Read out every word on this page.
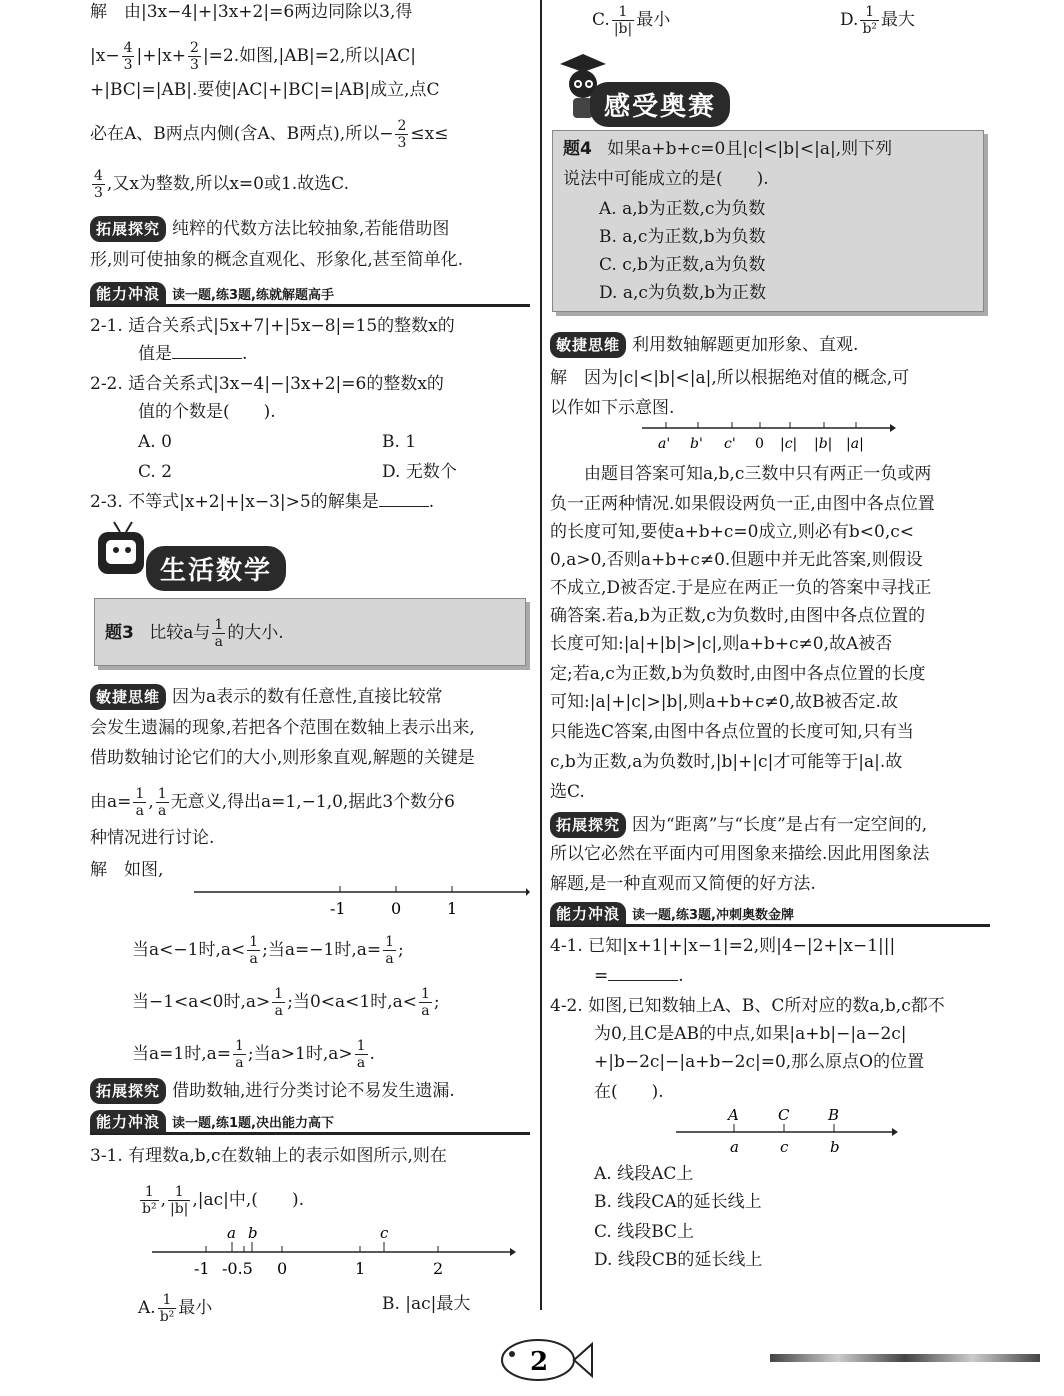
解　由|3x−4|+|3x+2|=6两边同除以3,得
$|x- \frac{4}{3} |+|x+ \frac{2}{3} |=2$.如图,|AB|=2,所以|AC|
+|BC|=|AB|.要使|AC|+|BC|=|AB|成立,点C
必在A、B两点内侧(含A、B两点),所以− $\frac{2}{3} \le x\le$
$\frac{4}{3}$ ,又x为整数,所以x=0或1.故选C.
拓展探究 纯粹的代数方法比较抽象,若能借助图
形,则可使抽象的概念直观化、形象化,甚至简单化.
能力冲浪 读一题,练3题,练就解题高手
2-1. 适合关系式|5x+7|+|5x−8|=15的整数x的
值是	.
2-2. 适合关系式|3x−4|−|3x+2|=6的整数x的
值的个数是(　　).
A. 0	B. 1
C. 2	D. 无数个
2-3. 不等式|x+2|+|x−3|>5的解集是	.
生活数学
题3 比较a与 $\frac{1}{a}$ 的大小.
敏捷思维 因为a表示的数有任意性,直接比较常
会发生遗漏的现象,若把各个范围在数轴上表示出来,
借助数轴讨论它们的大小,则形象直观,解题的关键是
由$a= \frac{1}{a}$ , $\frac{1}{a}$ 无意义,得出a=1,−1,0,据此3个数分6
种情况进行讨论.
解　如图,
-1	0	1
当a<−1时$,a< \frac{1}{a}$ ;当a=−1时$,a= \frac{1}{a}$ ;
当−1<a<0时$,a> \frac{1}{a}$ ;当0<a<1时$,a< \frac{1}{a}$ ;
当a=1时$,a= \frac{1}{a}$ ;当a>1时$,a> \frac{1}{a}$ .
拓展探究 借助数轴,进行分类讨论不易发生遗漏.
能力冲浪 读一题,练1题,决出能力高下
3-1. 有理数a,b,c在数轴上的表示如图所示,则在
$\frac{1}{\text{b²}}$ , $\frac{1}{|b|} ,|ac|$中,(　　).
a b	c
-1 -0.5 0	1	2
A. $\frac{1}{\text{b²}}$ 最小	B. |ac|最大
C. $\frac{1}{|b|}$ 最小	D. $\frac{1}{\text{b²}}$ 最大
感受奥赛
题4 如果a+b+c=0且|c|<|b|<|a|,则下列
说法中可能成立的是(　　).
A. a,b为正数,c为负数
B. a,c为正数,b为负数
C. c,b为正数,a为负数
D. a,c为负数,b为正数
敏捷思维 利用数轴解题更加形象、直观.
解　因为|c|<|b|<|a|,所以根据绝对值的概念,可
以作如下示意图.
a' b' c' 0 |c| |b| |a|
由题目答案可知a,b,c三数中只有两正一负或两
负一正两种情况.如果假设两负一正,由图中各点位置
的长度可知,要使a+b+c=0成立,则必有b<0,c<
0,a>0,否则a+b+c≠0.但题中并无此答案,则假设
不成立,D被否定.于是应在两正一负的答案中寻找正
确答案.若a,b为正数,c为负数时,由图中各点位置的
长度可知:|a|+|b|>|c|,则a+b+c≠0,故A被否
定;若a,c为正数,b为负数时,由图中各点位置的长度
可知:|a|+|c|>|b|,则a+b+c≠0,故B被否定.故
只能选C答案,由图中各点位置的长度可知,只有当
c,b为正数,a为负数时,|b|+|c|才可能等于|a|.故
选C.
拓展探究 因为“距离”与“长度”是占有一定空间的,
所以它必然在平面内可用图象来描绘.因此用图象法
解题,是一种直观而又简便的好方法.
能力冲浪 读一题,练3题,冲刺奥数金牌
4-1. 已知|x+1|+|x−1|=2,则|4−|2+|x−1|||
=	.
4-2. 如图,已知数轴上A、B、C所对应的数a,b,c都不
为0,且C是AB的中点,如果|a+b|−|a−2c|
+|b−2c|−|a+b−2c|=0,那么原点O的位置
在(　　).
A	C	B
a	c	b
A. 线段AC上
B. 线段CA的延长线上
C. 线段BC上
D. 线段CB的延长线上
2
